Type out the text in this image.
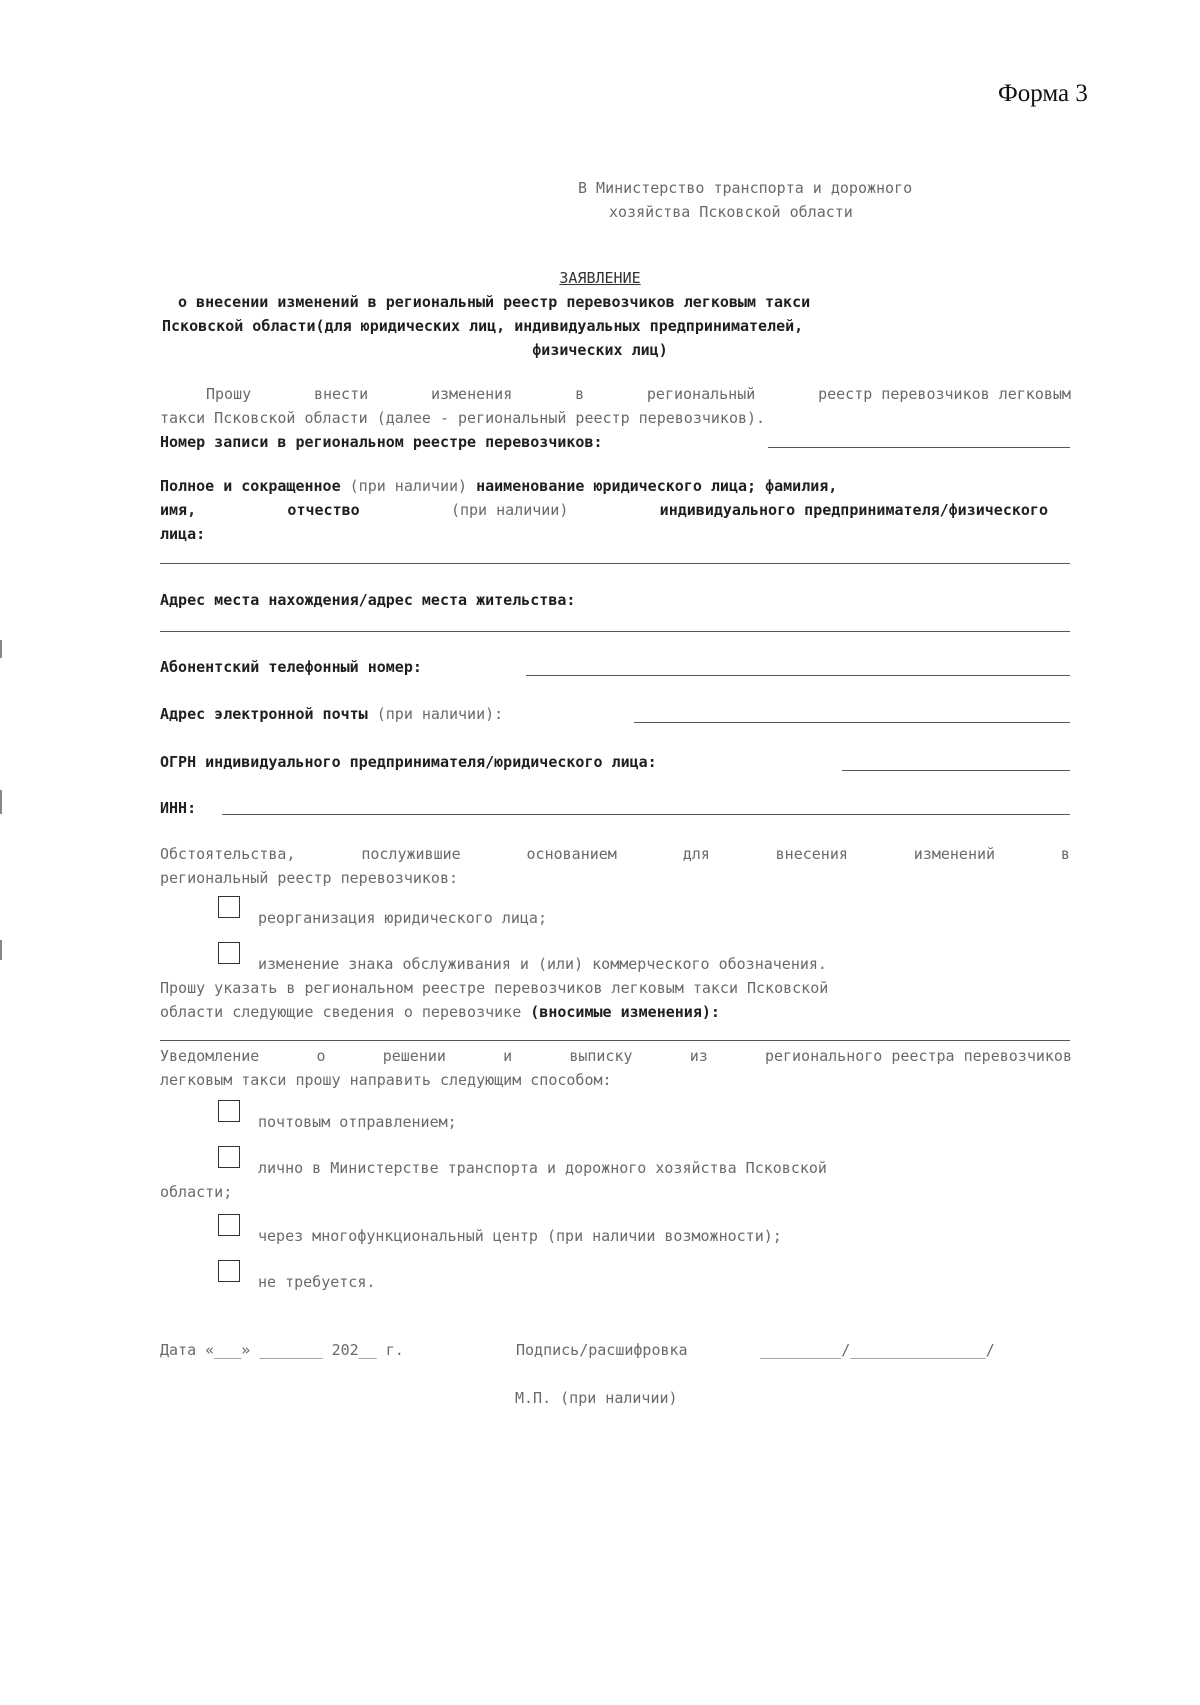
Форма 3
В Министерство транспорта и дорожного
хозяйства Псковской области
ЗАЯВЛЕНИЕ
о внесении изменений в региональный реестр перевозчиков легковым такси
Псковской области(для юридических лиц, индивидуальных предпринимателей,
физических лиц)
Прошу	внести	изменения	в	региональный	реестр перевозчиков легковым
такси Псковской области (далее - региональный реестр перевозчиков).
Номер записи в региональном реестре перевозчиков:
Полное и сокращенное (при наличии) наименование юридического лица; фамилия,
имя,	отчество	(при наличии)	индивидуального предпринимателя/физического
лица:
Адрес места нахождения/адрес места жительства:
Абонентский телефонный номер:
Адрес электронной почты (при наличии):
ОГРН индивидуального предпринимателя/юридического лица:
ИНН:
Обстоятельства,	послужившие	основанием	для	внесения	изменений	в
региональный реестр перевозчиков:
реорганизация юридического лица;
изменение знака обслуживания и (или) коммерческого обозначения.
Прошу указать в региональном реестре перевозчиков легковым такси Псковской
области следующие сведения о перевозчике (вносимые изменения):
Уведомление	о	решении	и	выписку	из	регионального реестра перевозчиков
легковым такси прошу направить следующим способом:
почтовым отправлением;
лично в Министерстве транспорта и дорожного хозяйства Псковской
области;
через многофункциональный центр (при наличии возможности);
не требуется.
Дата «___» _______ 202__ г.	Подпись/расшифровка	_________/_______________/
М.П. (при наличии)
